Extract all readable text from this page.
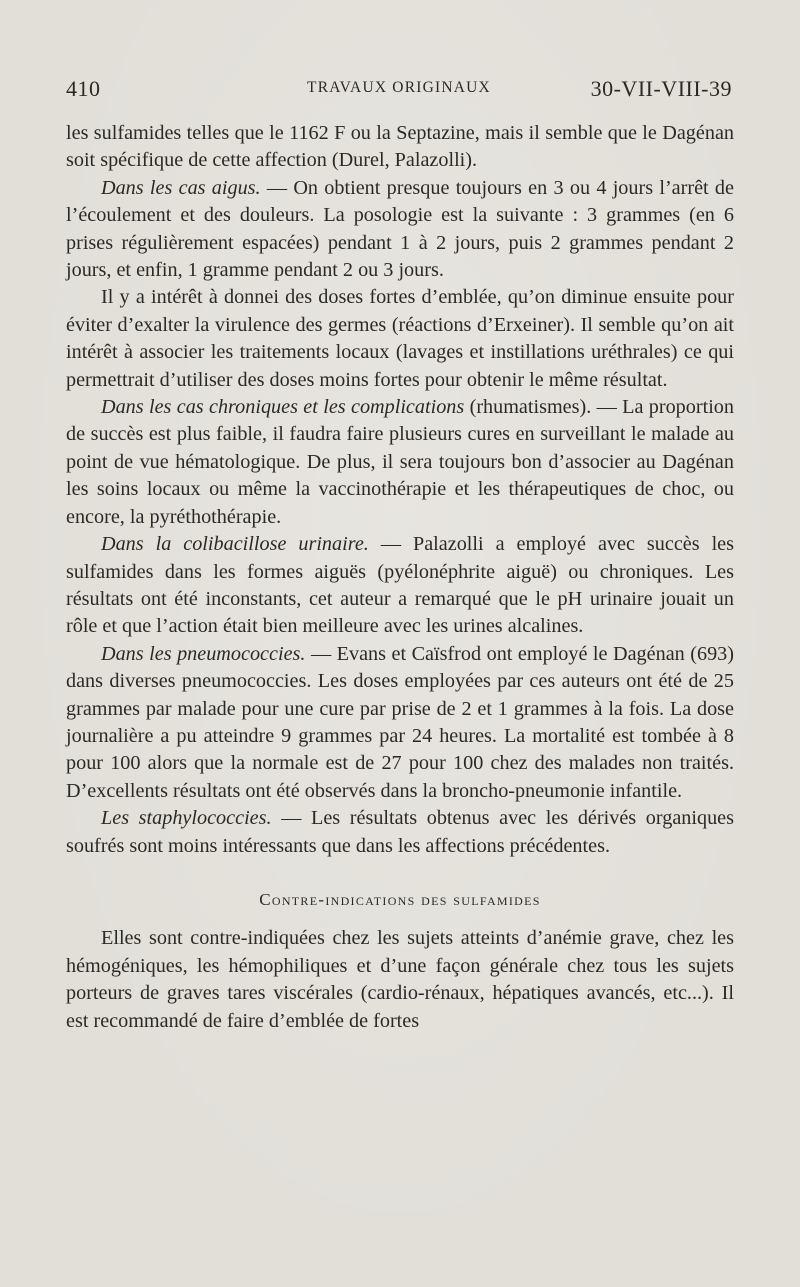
410	TRAVAUX ORIGINAUX	30-VII-VIII-39

les sulfamides telles que le 1162 F ou la Septazine, mais il semble que le Dagénan soit spécifique de cette affection (Durel, Palazolli).

Dans les cas aigus. — On obtient presque toujours en 3 ou 4 jours l’arrêt de l’écoulement et des douleurs. La posologie est la suivante : 3 grammes (en 6 prises régulièrement espacées) pendant 1 à 2 jours, puis 2 grammes pendant 2 jours, et enfin, 1 gramme pendant 2 ou 3 jours.

Il y a intérêt à donnei des doses fortes d’emblée, qu’on diminue ensuite pour éviter d’exalter la virulence des germes (réactions d’Erxeiner). Il semble qu’on ait intérêt à associer les traitements locaux (lavages et instillations uréthrales) ce qui permettrait d’utiliser des doses moins fortes pour obtenir le même résultat.

Dans les cas chroniques et les complications (rhumatismes). — La proportion de succès est plus faible, il faudra faire plusieurs cures en surveillant le malade au point de vue hématologique. De plus, il sera toujours bon d’associer au Dagénan les soins locaux ou même la vaccinothérapie et les thérapeutiques de choc, ou encore, la pyréthothérapie.

Dans la colibacillose urinaire. — Palazolli a employé avec succès les sulfamides dans les formes aiguës (pyélonéphrite aiguë) ou chroniques. Les résultats ont été inconstants, cet auteur a remarqué que le pH urinaire jouait un rôle et que l’action était bien meilleure avec les urines alcalines.

Dans les pneumococcies. — Evans et Caïsfrod ont employé le Dagénan (693) dans diverses pneumococcies. Les doses employées par ces auteurs ont été de 25 grammes par malade pour une cure par prise de 2 et 1 grammes à la fois. La dose journalière a pu atteindre 9 grammes par 24 heures. La mortalité est tombée à 8 pour 100 alors que la normale est de 27 pour 100 chez des malades non traités. D’excellents résultats ont été observés dans la broncho-pneumonie infantile.

Les staphylococcies. — Les résultats obtenus avec les dérivés organiques soufrés sont moins intéressants que dans les affections précédentes.

Contre-indications des sulfamides

Elles sont contre-indiquées chez les sujets atteints d’anémie grave, chez les hémogéniques, les hémophiliques et d’une façon générale chez tous les sujets porteurs de graves tares viscérales (cardio-rénaux, hépatiques avancés, etc...). Il est recommandé de faire d’emblée de fortes
